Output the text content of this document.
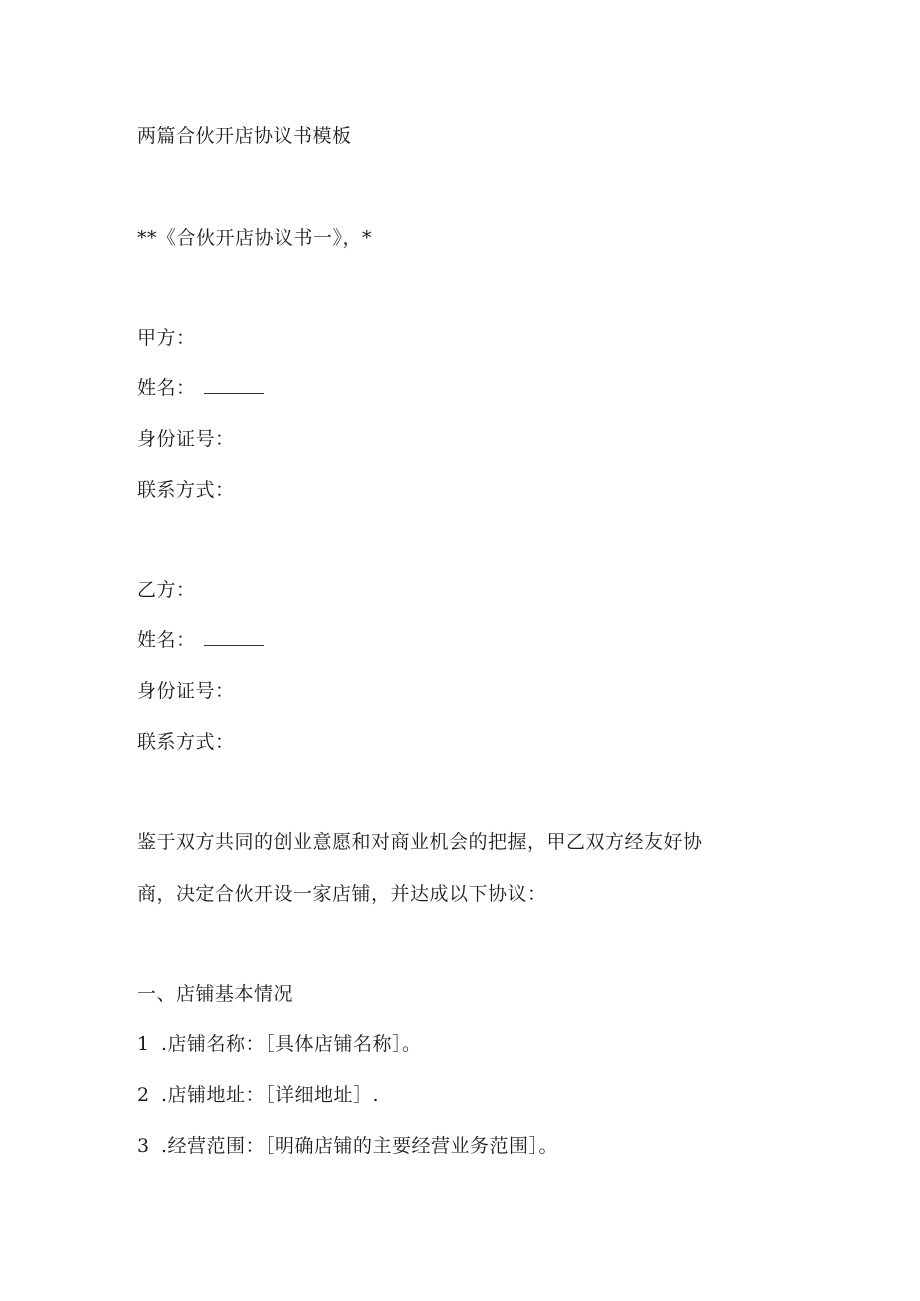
两篇合伙开店协议书模板
**《合伙开店协议书一》，*
甲方：
姓名：
身份证号：
联系方式：
乙方：
姓名：
身份证号：
联系方式：
鉴于双方共同的创业意愿和对商业机会的把握，甲乙双方经友好协
商，决定合伙开设一家店铺，并达成以下协议：
一、店铺基本情况
1 .店铺名称：［具体店铺名称］。
2 .店铺地址：［详细地址］.
3 .经营范围：［明确店铺的主要经营业务范围］。
